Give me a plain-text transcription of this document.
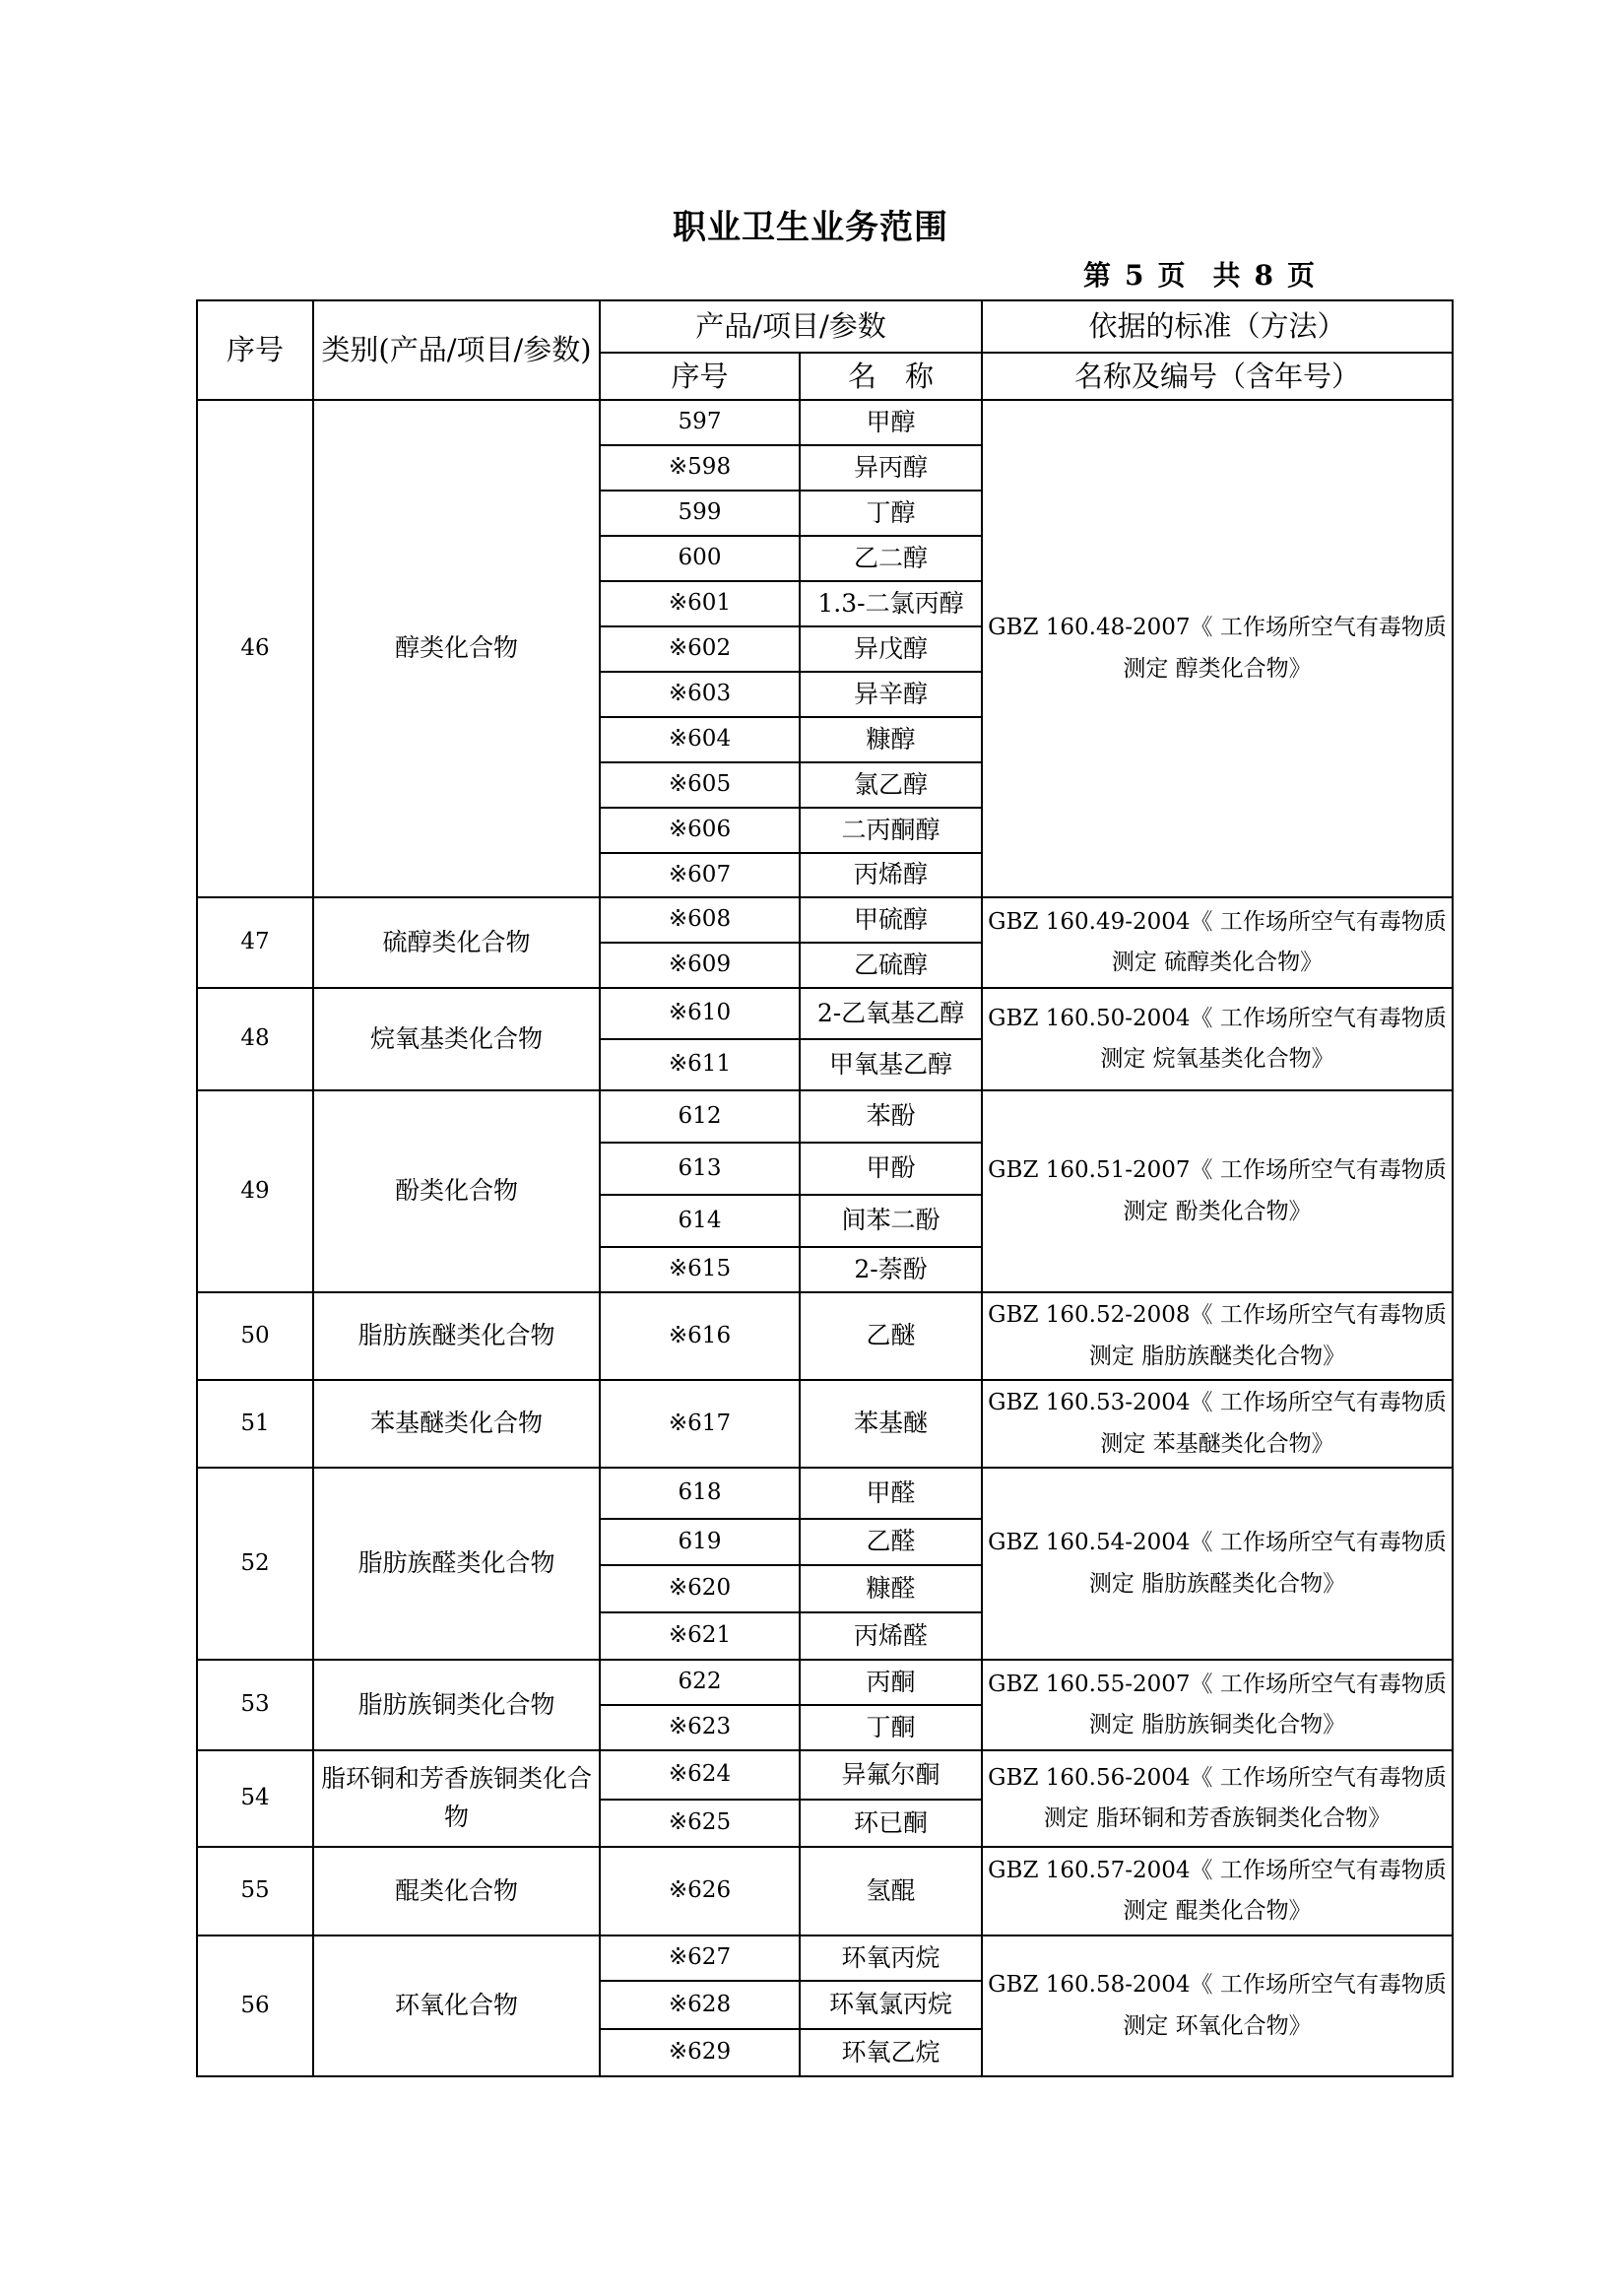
职业卫生业务范围
第 5 页 共 8 页
序号	类别(产品/项目/参数)	产品/项目/参数		依据的标准（方法）
		序号	名　称	名称及编号（含年号）
46	醇类化合物	597	甲醇	GBZ 160.48-2007《 工作场所空气有毒物质测定 醇类化合物》
		※598	异丙醇	
		599	丁醇	
		600	乙二醇	
		※601	1.3-二氯丙醇	
		※602	异戊醇	
		※603	异辛醇	
		※604	糠醇	
		※605	氯乙醇	
		※606	二丙酮醇	
		※607	丙烯醇	
47	硫醇类化合物	※608	甲硫醇	GBZ 160.49-2004《 工作场所空气有毒物质测定 硫醇类化合物》
		※609	乙硫醇	
48	烷氧基类化合物	※610	2-乙氧基乙醇	GBZ 160.50-2004《 工作场所空气有毒物质测定 烷氧基类化合物》
		※611	甲氧基乙醇	
49	酚类化合物	612	苯酚	GBZ 160.51-2007《 工作场所空气有毒物质测定 酚类化合物》
		613	甲酚	
		614	间苯二酚	
		※615	2-萘酚	
50	脂肪族醚类化合物	※616	乙醚	GBZ 160.52-2008《 工作场所空气有毒物质测定 脂肪族醚类化合物》
51	苯基醚类化合物	※617	苯基醚	GBZ 160.53-2004《 工作场所空气有毒物质测定 苯基醚类化合物》
52	脂肪族醛类化合物	618	甲醛	GBZ 160.54-2004《 工作场所空气有毒物质测定 脂肪族醛类化合物》
		619	乙醛	
		※620	糠醛	
		※621	丙烯醛	
53	脂肪族铜类化合物	622	丙酮	GBZ 160.55-2007《 工作场所空气有毒物质测定 脂肪族铜类化合物》
		※623	丁酮	
54	脂环铜和芳香族铜类化合物	※624	异氟尔酮	GBZ 160.56-2004《 工作场所空气有毒物质测定 脂环铜和芳香族铜类化合物》
		※625	环已酮	
55	醌类化合物	※626	氢醌	GBZ 160.57-2004《 工作场所空气有毒物质测定 醌类化合物》
56	环氧化合物	※627	环氧丙烷	GBZ 160.58-2004《 工作场所空气有毒物质测定 环氧化合物》
		※628	环氧氯丙烷	
		※629	环氧乙烷	
